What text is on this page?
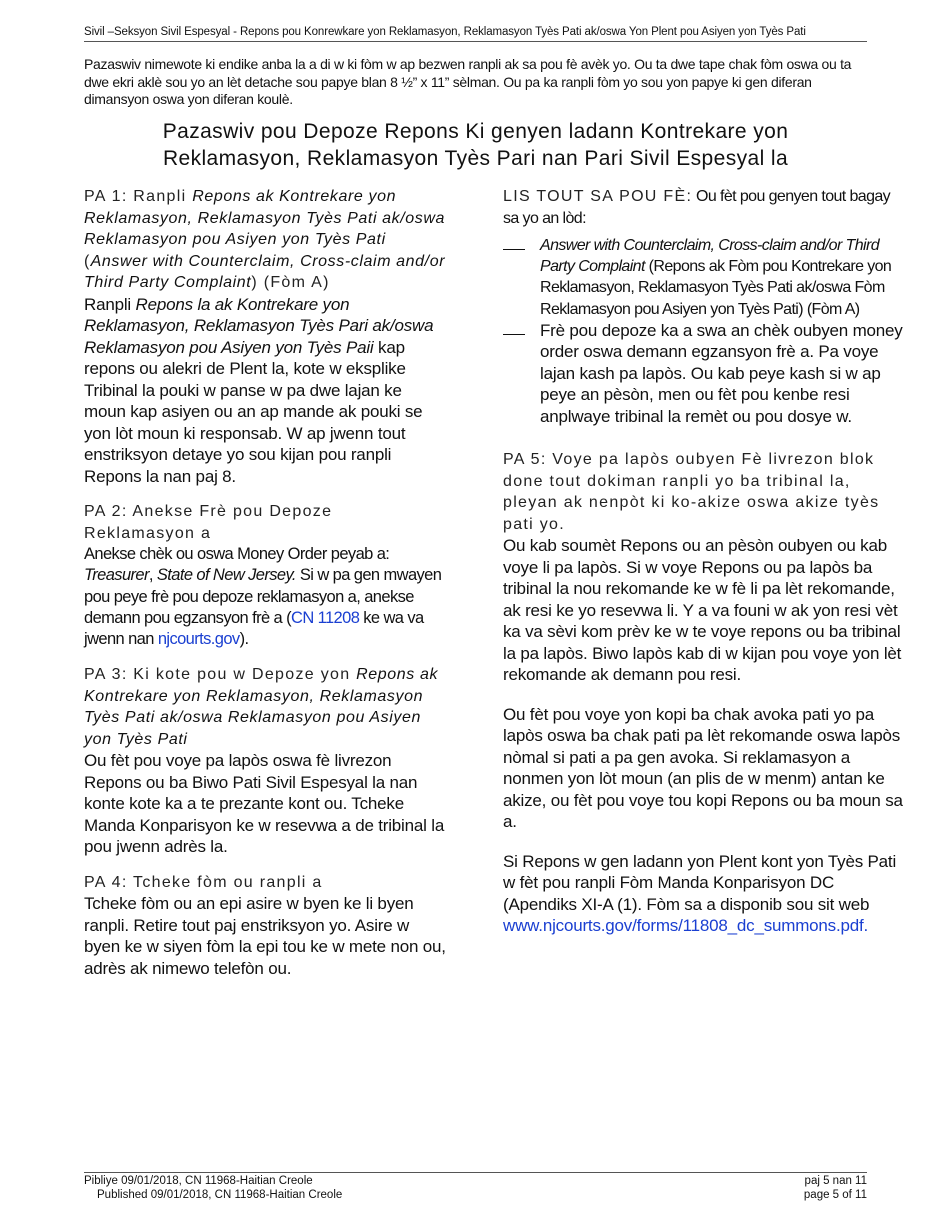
Sivil –Seksyon Sivil Espesyal - Repons pou Konrewkare yon Reklamasyon, Reklamasyon Tyès Pati ak/oswa Yon Plent pou Asiyen yon Tyès Pati
Pazaswiv nimewote ki endike anba la a di w ki fòm w ap bezwen ranpli ak sa pou fè avèk yo. Ou ta dwe tape chak fòm oswa ou ta dwe ekri aklè sou yo an lèt detache sou papye blan 8 ½” x 11” sèlman. Ou pa ka ranpli fòm yo sou yon papye ki gen diferan dimansyon oswa yon diferan koulè.
Pazaswiv pou Depoze Repons Ki genyen ladann Kontrekare yon
Reklamasyon, Reklamasyon Tyès Pari nan Pari Sivil Espesyal la
PA 1: Ranpli Repons ak Kontrekare yon Reklamasyon, Reklamasyon Tyès Pati ak/oswa Reklamasyon pou Asiyen yon Tyès Pati (Answer with Counterclaim, Cross-claim and/or Third Party Complaint) (Fòm A)
Ranpli Repons la ak Kontrekare yon Reklamasyon, Reklamasyon Tyès Pari ak/oswa Reklamasyon pou Asiyen yon Tyès Paii kap repons ou alekri de Plent la, kote w eksplike Tribinal la pouki w panse w pa dwe lajan ke moun kap asiyen ou an ap mande ak pouki se yon lòt moun ki responsab. W ap jwenn tout enstriksyon detaye yo sou kijan pou ranpli Repons la nan paj 8.
PA 2: Anekse Frè pou Depoze Reklamasyon a
Anekse chèk ou oswa Money Order peyab a: Treasurer, State of New Jersey. Si w pa gen mwayen pou peye frè pou depoze reklamasyon a, anekse demann pou egzansyon frè a (CN 11208 ke wa va jwenn nan njcourts.gov).
PA 3: Ki kote pou w Depoze yon Repons ak Kontrekare yon Reklamasyon, Reklamasyon Tyès Pati ak/oswa Reklamasyon pou Asiyen yon Tyès Pati
Ou fèt pou voye pa lapòs oswa fè livrezon Repons ou ba Biwo Pati Sivil Espesyal la nan konte kote ka a te prezante kont ou. Tcheke Manda Konparisyon ke w resevwa a de tribinal la pou jwenn adrès la.
PA 4: Tcheke fòm ou ranpli a
Tcheke fòm ou an epi asire w byen ke li byen ranpli. Retire tout paj enstriksyon yo. Asire w byen ke w siyen fòm la epi tou ke w mete non ou, adrès ak nimewo telefòn ou.
LIS TOUT SA POU FÈ: Ou fèt pou genyen tout bagay sa yo an lòd:
Answer with Counterclaim, Cross-claim and/or Third Party Complaint (Repons ak Fòm pou Kontrekare yon Reklamasyon, Reklamasyon Tyès Pati ak/oswa Fòm Reklamasyon pou Asiyen yon Tyès Pati) (Fòm A)
Frè pou depoze ka a swa an chèk oubyen money order oswa demann egzansyon frè a. Pa voye lajan kash pa lapòs. Ou kab peye kash si w ap peye an pèsòn, men ou fèt pou kenbe resi anplwaye tribinal la remèt ou pou dosye w.
PA 5: Voye pa lapòs oubyen Fè livrezon blok done tout dokiman ranpli yo ba tribinal la, pleyan ak nenpòt ki ko-akize oswa akize tyès pati yo.
Ou kab soumèt Repons ou an pèsòn oubyen ou kab voye li pa lapòs. Si w voye Repons ou pa lapòs ba tribinal la nou rekomande ke w fè li pa lèt rekomande, ak resi ke yo resevwa li. Y a va founi w ak yon resi vèt ka va sèvi kom prèv ke w te voye repons ou ba tribinal la pa lapòs. Biwo lapòs kab di w kijan pou voye yon lèt rekomande ak demann pou resi.
Ou fèt pou voye yon kopi ba chak avoka pati yo pa lapòs oswa ba chak pati pa lèt rekomande oswa lapòs nòmal si pati a pa gen avoka. Si reklamasyon a nonmen yon lòt moun (an plis de w menm) antan ke akize, ou fèt pou voye tou kopi Repons ou ba moun sa a.
Si Repons w gen ladann yon Plent kont yon Tyès Pati w fèt pou ranpli Fòm Manda Konparisyon DC (Apendiks XI-A (1). Fòm sa a disponib sou sit web www.njcourts.gov/forms/11808_dc_summons.pdf.
Pibliye 09/01/2018, CN 11968-Haitian Creole
Published 09/01/2018, CN 11968-Haitian Creole
paj 5 nan 11
page 5 of 11
